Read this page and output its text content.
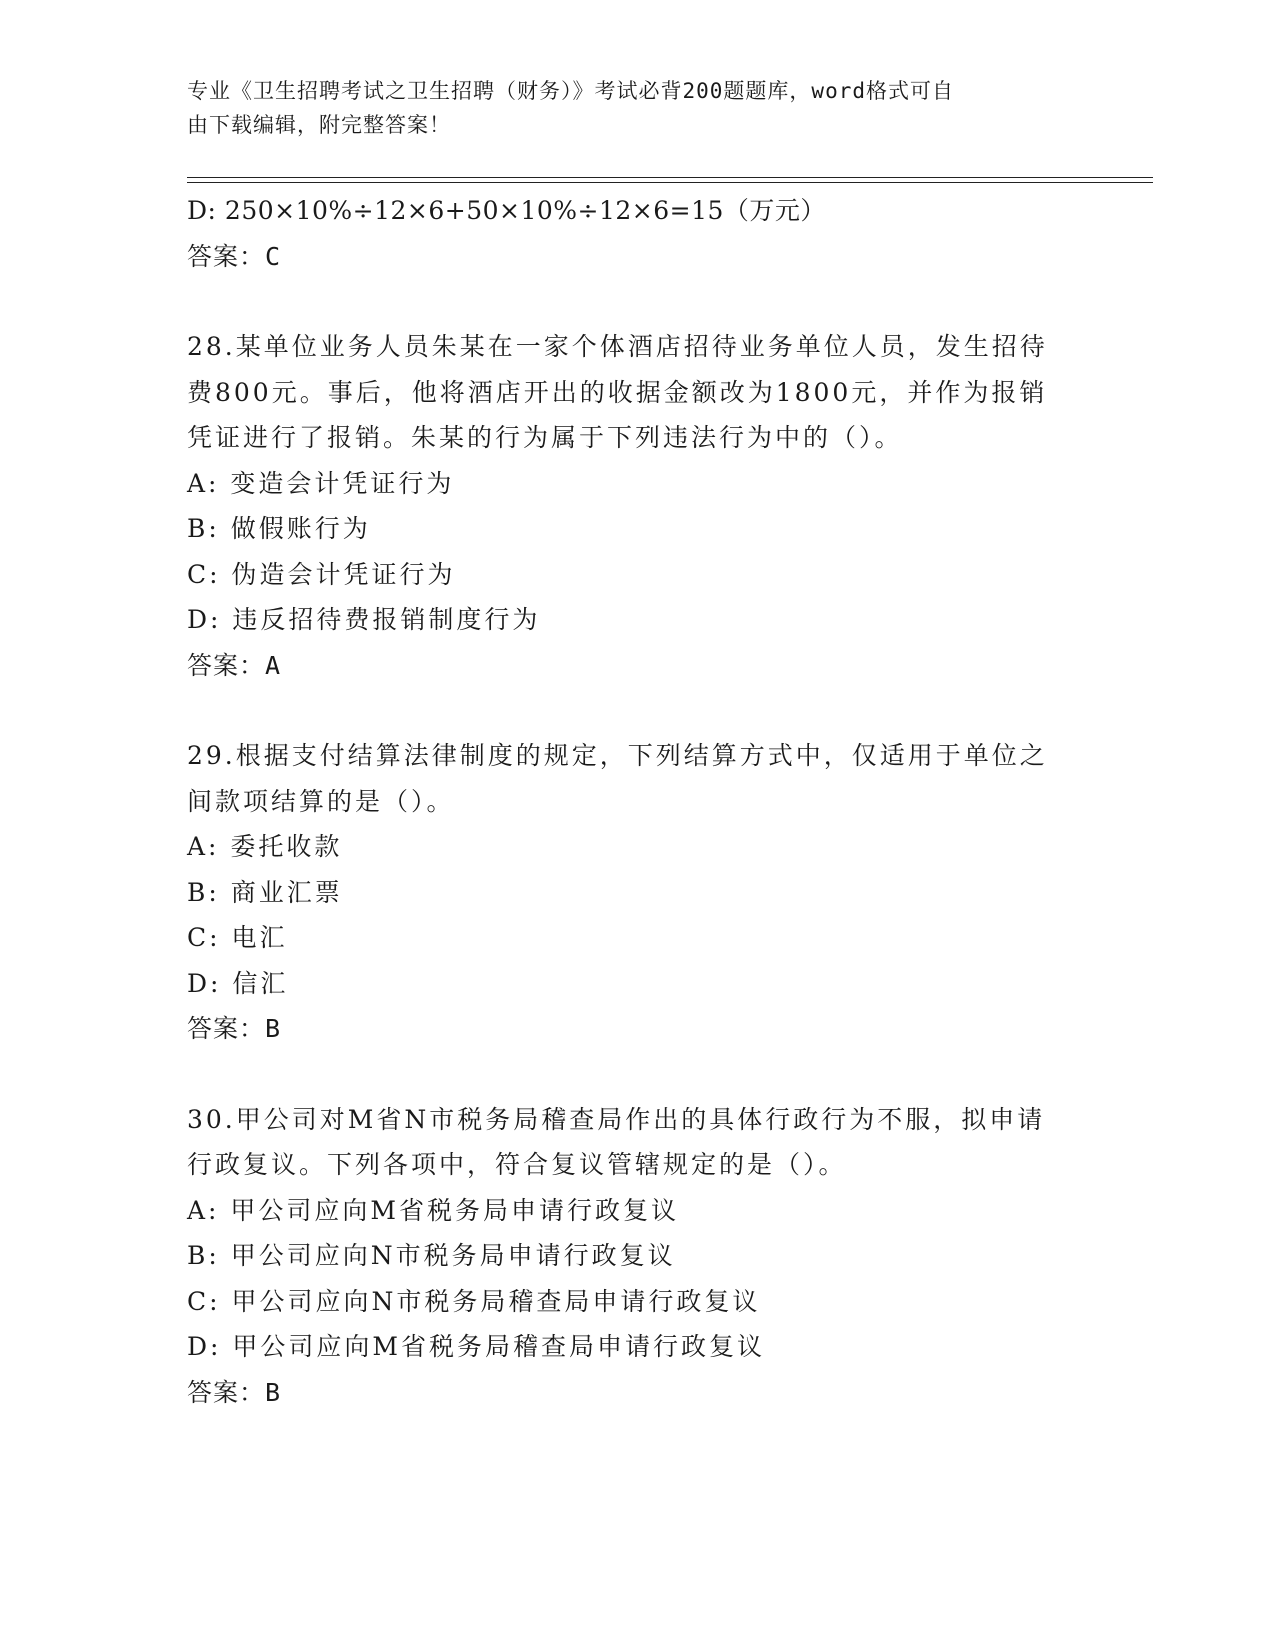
专业《卫生招聘考试之卫生招聘（财务）》考试必背200题题库，word格式可自
由下载编辑，附完整答案！
D: 250×10%÷12×6+50×10%÷12×6=15（万元）
答案：C
28.某单位业务人员朱某在一家个体酒店招待业务单位人员，发生招待
费800元。事后，他将酒店开出的收据金额改为1800元，并作为报销
凭证进行了报销。朱某的行为属于下列违法行为中的（）。
A: 变造会计凭证行为
B: 做假账行为
C: 伪造会计凭证行为
D: 违反招待费报销制度行为
答案：A
29.根据支付结算法律制度的规定，下列结算方式中，仅适用于单位之
间款项结算的是（）。
A: 委托收款
B: 商业汇票
C: 电汇
D: 信汇
答案：B
30.甲公司对M省N市税务局稽查局作出的具体行政行为不服，拟申请
行政复议。下列各项中，符合复议管辖规定的是（）。
A: 甲公司应向M省税务局申请行政复议
B: 甲公司应向N市税务局申请行政复议
C: 甲公司应向N市税务局稽查局申请行政复议
D: 甲公司应向M省税务局稽查局申请行政复议
答案：B
